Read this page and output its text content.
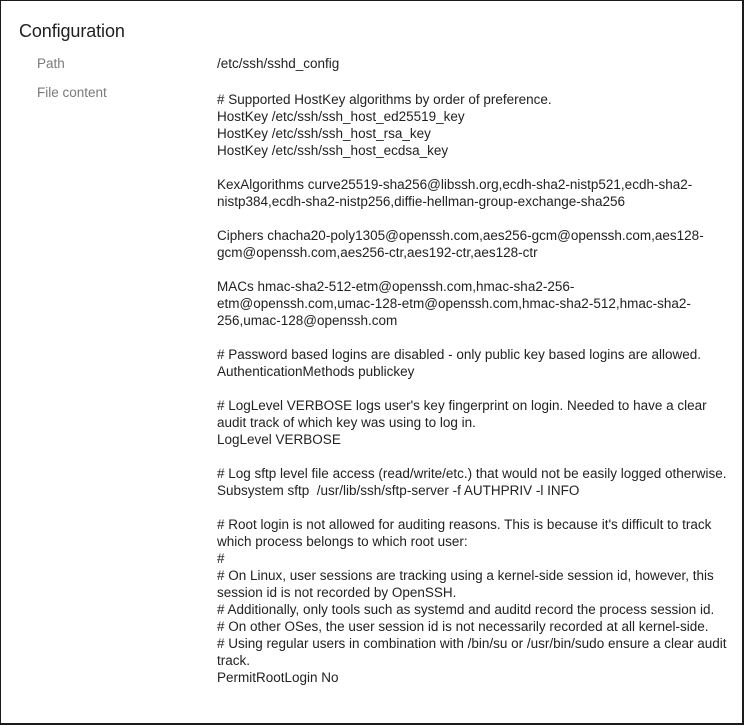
Configuration
Path	/etc/ssh/sshd_config
File content	# Supported HostKey algorithms by order of preference.
HostKey /etc/ssh/ssh_host_ed25519_key
HostKey /etc/ssh/ssh_host_rsa_key
HostKey /etc/ssh/ssh_host_ecdsa_key
KexAlgorithms curve25519-sha256@libssh.org,ecdh-sha2-nistp521,ecdh-sha2-nistp384,ecdh-sha2-nistp256,diffie-hellman-group-exchange-sha256
Ciphers chacha20-poly1305@openssh.com,aes256-gcm@openssh.com,aes128-gcm@openssh.com,aes256-ctr,aes192-ctr,aes128-ctr
MACs hmac-sha2-512-etm@openssh.com,hmac-sha2-256-etm@openssh.com,umac-128-etm@openssh.com,hmac-sha2-512,hmac-sha2-256,umac-128@openssh.com
# Password based logins are disabled - only public key based logins are allowed.
AuthenticationMethods publickey
# LogLevel VERBOSE logs user's key fingerprint on login. Needed to have a clear audit track of which key was using to log in.
LogLevel VERBOSE
# Log sftp level file access (read/write/etc.) that would not be easily logged otherwise.
Subsystem sftp  /usr/lib/ssh/sftp-server -f AUTHPRIV -l INFO
# Root login is not allowed for auditing reasons. This is because it's difficult to track which process belongs to which root user:
#
# On Linux, user sessions are tracking using a kernel-side session id, however, this session id is not recorded by OpenSSH.
# Additionally, only tools such as systemd and auditd record the process session id.
# On other OSes, the user session id is not necessarily recorded at all kernel-side.
# Using regular users in combination with /bin/su or /usr/bin/sudo ensure a clear audit track.
PermitRootLogin No
